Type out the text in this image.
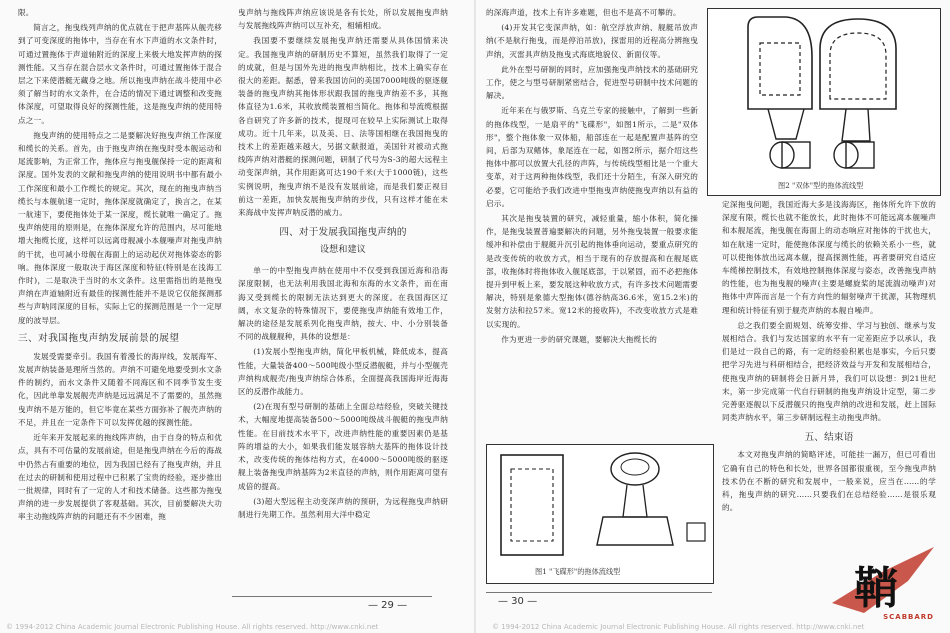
限。

简言之，拖曳线列声纳的优点就在于把声基阵从舰壳移到了可变深度的拖体中，当存在有水下声道的水文条件时，可通过置拖体于声道轴附近的深度上来极大地发挥声纳的探测性能。又当存在混合层水文条件时，可通过置拖体于混合层之下来使潜艇无藏身之地。所以拖曳声纳在战斗使用中必须了解当时的水文条件，在合适的情况下通过调整和改变拖体深度，可望取得良好的探测性能，这是拖曳声纳的使用特点之一。

拖曳声纳的使用特点之二是要解决好拖曳声纳工作深度和缆长的关系。首先，由于拖曳声纳在拖曳时受本舰运动和尾流影响，为正常工作，拖体应与拖曳舰保持一定的距离和深度。国外发表的文献和拖曳声纳的使用说明书中都有最小工作深度和最小工作缆长的规定。其次，现在的拖曳声纳当缆长与本舰航速一定时，拖体深度就确定了，换言之，在某一航速下，要使拖体处于某一深度，缆长就唯一确定了。拖曳声纳使用的原则是，在拖体深度允许的范围内，尽可能地增大拖缆长度，这样可以远离母舰减小本舰噪声对拖曳声纳的干扰，也可减小母舰在海面上的运动起伏对拖体姿态的影响。拖体深度一般取决于海区深度和特征(特别是在浅海工作时)，二是取决于当时的水文条件。这里需指出的是拖曳声纳在声道轴附近有最佳的探测性能并不是说它仅能探测那些与声呐同深度的目标，实际上它的探测范围是一个一定厚度的波导层。

三、对我国拖曳声纳发展前景的展望

发展受需要牵引。我国有着漫长的海岸线，发展海军、发展声纳装备是理所当然的。声纳不可避免地要受到水文条件的制约，而水文条件又随着不同海区和不同季节发生变化，因此单靠发展舰壳声纳是远远满足不了需要的，虽然拖曳声纳不是万能的，但它毕竟在某些方面弥补了舰壳声纳的不足，并且在一定条件下可以发挥优越的探测性能。

近年来开发展起来的拖线阵声纳，由于自身的特点和优点，具有不可估量的发展前途，但是拖曳声纳在今后的海战中仍然占有重要的地位，因为我国已经有了拖曳声纳，并且在过去的研制和使用过程中已积累了宝贵的经验，逐步推出一批规律，同时有了一定的人才和技术储备。这些都为拖曳声纳的进一步发展提供了客观基础。其次，目前要解决大功率主动拖线阵声纳的问题还有不少困难，拖

曳声纳与拖线阵声纳应该说是各有长处，所以发展拖曳声纳与发展拖线阵声纳可以互补充，相辅相成。

我国要不要继续发展拖曳声纳还需要从具体国情来决定。我国拖曳声纳的研制历史不算短，虽然我们取得了一定的成就，但是与国外先进的拖曳声纳相比，技术上确实存在很大的差距。据悉，曾来我国访问的美国7000吨级的驱逐舰装备的拖曳声纳其拖体形状跟我国的拖曳声纳差不多，其拖体直径为1.6米，其收放缆装置相当简化。拖体和导流缆根据各自研究了许多新的技术，提现可在较早上实际测试上取得成功。近十几年来，以及美、日、法等国相继在我国拖曳的技术上的差距越来越大，另据文献报道，美国针对被动式拖线阵声纳对潜艇的探测问题，研制了代号为S-3的超大远程主动变深声纳，其作用距离可达190千米(大于1000链)，这些实例说明，拖曳声纳不是没有发展前途，而是我们要正视目前这一差距，加快发展拖曳声纳的步伐，只有这样才能在未来海战中发挥声呐反潜的威力。

四、对于发展我国拖曳声纳的
设想和建议

单一的中型拖曳声纳在使用中不仅受到我国近海和沿海深度限制，也无法利用我国北海和东海的水文条件，而在南海又受到缆长的限制无法达到更大的深度。在我国海区辽阔，水文复杂的特殊情况下，要使拖曳声纳能有效地工作，解决的途径是发展系列化拖曳声纳，按大、中、小分别装备不同的战舰舰种，具体的设想是：

(1)发展小型拖曳声纳，简化甲板机械，降低成本，提高性能，大量装备400～500吨级小型反潜舰艇，并与小型舰壳声纳构成舰壳/拖曳声纳综合体系，全面提高我国海岸近海海区的反潜作战能力。

(2)在现有型号研制的基础上全面总结经验，突破关键技术，大幅度地提高装备500～5000吨级战斗舰艇的拖曳声纳性能。在目前技术水平下，改进声纳性能的重要因素仍是基阵的增益的大小，如果我们能发展容纳大基阵的拖体设计技术，改变传统的拖体结构方式，在4000～5000吨级的驱逐舰上装备拖曳声纳基阵为2米直径的声纳，则作用距离可望有成倍的提高。

(3)超大型远程主动变深声纳的预研，为远程拖曳声纳研制进行先期工作。虽然利用大洋中稳定

— 29 —
© 1994-2012 China Academic Journal Electronic Publishing House. All rights reserved. http://www.cnki.net

的深海声道，技术上有许多难题，但也不是高不可攀的。

(4)开发其它变深声纳，如：航空浮放声纳、舰艇吊放声纳(不是航行拖曳，而是停泊吊放)，探雷用的近程高分辨拖曳声纳，灭雷具声纳及拖曳式海底地貌仪、新面仪等。

此外在型号研制的同时，应加强拖曳声纳技术的基础研究工作，使之与型号研制紧密结合，促进型号研制中技术问题的解决。

近年来在与俄罗斯、乌克兰专家的接触中，了解到一些新的拖体线型，一是扇平的"飞碟形"，如图1所示，二是"双体形"，整个拖体象一双体船，船部连在一起是配置声基阵的空间，后部为双鳍体，象尾连在一起，如图2所示，据介绍这些拖体中都可以放置大孔径的声阵，与传统线型相比是一个重大变革，对于这两种拖体线型，我们还十分陌生，有深入研究的必要，它可能给予我们改进中型拖曳声纳使拖曳声纳以有益的启示。

其次是拖曳装置的研究，减轻重量，缩小体积，简化操作，是拖曳装置普遍要解决的问题，另外拖曳装置一般要求能缓冲和补偿由于舰艇升沉引起的拖体垂向运动，要重点研究的是改变传统的收放方式，相当于现有的存放提高和在舰尾底部，收拖体时将拖体收入舰尾底部，于以紧固，而不必把拖体提升到甲板上来，要发展这种收放方式，有许多技术问题需要解决，特别是象德大型拖体(德谷纳高36.6米，宽15.2米)的发射方法和拉57米。宽12米的接收阵)，不改变收放方式是难以实现的。

作为更进一步的研究课题，要解决大拖缆长的

图2 "双体"型的拖体流线型
图1 "飞碟形"的拖体流线型

定深拖曳问题，我国近海大多是浅海海区，拖体所允许下放的深度有限，缆长也就不能放长，此时拖体不可能远离本舰噪声和本舰尾流，拖曳舰在海面上的动态响应对拖体的干扰也大，如在航速一定时，能使拖体深度与缆长的依赖关系小一些，就可以使拖体放出远离本舰，提高探测性能，再者要研究自适应车缆梯控制技术，有效地控制拖体深度与姿态，改善拖曳声纳的性能，也为拖曳舰的噪声(主要是螺旋桨的尾流湍动噪声)对拖体中声阵而言是一个有方向性的辐射噪声干扰源，其物理机理和统计特征有别于舰壳声纳的本舰自噪声。

总之我们要全面规划、统筹安排、学习与独创、继承与发展相结合。我们与发达国家的水平有一定差距应予以承认，我们是过一段自己的路，有一定的经验积累也是事实，今后只要把学习先进与科研相结合，把经济效益与开发和发展相结合，使拖曳声纳的研制将会日新月异，我们可以设想：到21世纪末，第一步完成第一代自行研制的拖曳声纳设计定型，第二步完善驱逐舰以下反潜舰只的拖曳声纳的改进和发展，赶上国际同类声纳水平，第三步研制远程主动拖曳声纳。

五、结束语

本文对拖曳声纳的简略评述，可能挂一漏万，但已可看出它确有自己的特色和长处，世界各国都很重视，至今拖曳声纳技术仍在不断的研究和发展中，一般来说，应当在……的学科，拖曳声纳的研究……只要我们在总结经验……是很乐观的。

— 30 —
© 1994-2012 China Academic Journal Electronic Publishing House. All rights reserved. http://www.cnki.net
鞘
SCABBARD
